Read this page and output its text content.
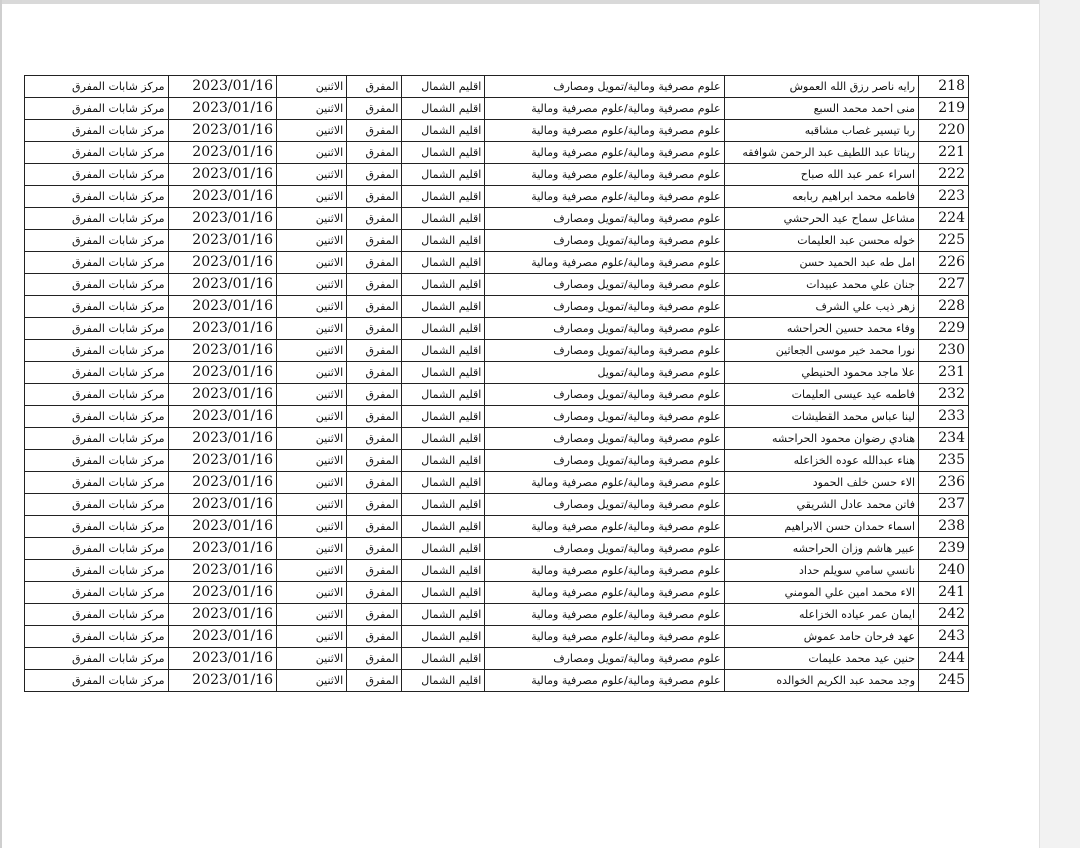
218	رايه ناصر رزق الله العموش	علوم مصرفية ومالية/تمويل ومصارف	اقليم الشمال	المفرق	الاثنين	2023/01/16	مركز شابات المفرق
219	منى احمد محمد السبع	علوم مصرفية ومالية/علوم مصرفية ومالية	اقليم الشمال	المفرق	الاثنين	2023/01/16	مركز شابات المفرق
220	ربا تيسير غصاب مشاقبه	علوم مصرفية ومالية/علوم مصرفية ومالية	اقليم الشمال	المفرق	الاثنين	2023/01/16	مركز شابات المفرق
221	ريناتا عبد اللطيف عبد الرحمن شوافقه	علوم مصرفية ومالية/علوم مصرفية ومالية	اقليم الشمال	المفرق	الاثنين	2023/01/16	مركز شابات المفرق
222	اسراء عمر عبد الله صباح	علوم مصرفية ومالية/علوم مصرفية ومالية	اقليم الشمال	المفرق	الاثنين	2023/01/16	مركز شابات المفرق
223	فاطمه محمد ابراهيم ربابعه	علوم مصرفية ومالية/علوم مصرفية ومالية	اقليم الشمال	المفرق	الاثنين	2023/01/16	مركز شابات المفرق
224	مشاعل سماح عيد الحرحشي	علوم مصرفية ومالية/تمويل ومصارف	اقليم الشمال	المفرق	الاثنين	2023/01/16	مركز شابات المفرق
225	خوله محسن عبد العليمات	علوم مصرفية ومالية/تمويل ومصارف	اقليم الشمال	المفرق	الاثنين	2023/01/16	مركز شابات المفرق
226	امل طه عبد الحميد حسن	علوم مصرفية ومالية/علوم مصرفية ومالية	اقليم الشمال	المفرق	الاثنين	2023/01/16	مركز شابات المفرق
227	جنان علي محمد عبيدات	علوم مصرفية ومالية/تمويل ومصارف	اقليم الشمال	المفرق	الاثنين	2023/01/16	مركز شابات المفرق
228	زهر ذيب علي الشرف	علوم مصرفية ومالية/تمويل ومصارف	اقليم الشمال	المفرق	الاثنين	2023/01/16	مركز شابات المفرق
229	وفاء محمد حسين الحراحشه	علوم مصرفية ومالية/تمويل ومصارف	اقليم الشمال	المفرق	الاثنين	2023/01/16	مركز شابات المفرق
230	نورا محمد خير موسى الجعاثين	علوم مصرفية ومالية/تمويل ومصارف	اقليم الشمال	المفرق	الاثنين	2023/01/16	مركز شابات المفرق
231	علا ماجد محمود الحنيطي	علوم مصرفية ومالية/تمويل	اقليم الشمال	المفرق	الاثنين	2023/01/16	مركز شابات المفرق
232	فاطمه عيد عيسى العليمات	علوم مصرفية ومالية/تمويل ومصارف	اقليم الشمال	المفرق	الاثنين	2023/01/16	مركز شابات المفرق
233	لينا عباس محمد القطيشات	علوم مصرفية ومالية/تمويل ومصارف	اقليم الشمال	المفرق	الاثنين	2023/01/16	مركز شابات المفرق
234	هنادي رضوان محمود الحراحشه	علوم مصرفية ومالية/تمويل ومصارف	اقليم الشمال	المفرق	الاثنين	2023/01/16	مركز شابات المفرق
235	هناء عبدالله عوده الخزاعله	علوم مصرفية ومالية/تمويل ومصارف	اقليم الشمال	المفرق	الاثنين	2023/01/16	مركز شابات المفرق
236	الاء حسن خلف الحمود	علوم مصرفية ومالية/علوم مصرفية ومالية	اقليم الشمال	المفرق	الاثنين	2023/01/16	مركز شابات المفرق
237	فاتن محمد عادل الشريقي	علوم مصرفية ومالية/تمويل ومصارف	اقليم الشمال	المفرق	الاثنين	2023/01/16	مركز شابات المفرق
238	اسماء حمدان حسن الابراهيم	علوم مصرفية ومالية/علوم مصرفية ومالية	اقليم الشمال	المفرق	الاثنين	2023/01/16	مركز شابات المفرق
239	عبير هاشم وزان الحراحشه	علوم مصرفية ومالية/تمويل ومصارف	اقليم الشمال	المفرق	الاثنين	2023/01/16	مركز شابات المفرق
240	نانسي سامي سويلم حداد	علوم مصرفية ومالية/علوم مصرفية ومالية	اقليم الشمال	المفرق	الاثنين	2023/01/16	مركز شابات المفرق
241	الاء محمد امين علي المومني	علوم مصرفية ومالية/علوم مصرفية ومالية	اقليم الشمال	المفرق	الاثنين	2023/01/16	مركز شابات المفرق
242	ايمان عمر عياده الخزاعله	علوم مصرفية ومالية/علوم مصرفية ومالية	اقليم الشمال	المفرق	الاثنين	2023/01/16	مركز شابات المفرق
243	عهد فرحان حامد عموش	علوم مصرفية ومالية/علوم مصرفية ومالية	اقليم الشمال	المفرق	الاثنين	2023/01/16	مركز شابات المفرق
244	حنين عيد محمد عليمات	علوم مصرفية ومالية/تمويل ومصارف	اقليم الشمال	المفرق	الاثنين	2023/01/16	مركز شابات المفرق
245	وجد محمد عبد الكريم الخوالده	علوم مصرفية ومالية/علوم مصرفية ومالية	اقليم الشمال	المفرق	الاثنين	2023/01/16	مركز شابات المفرق
